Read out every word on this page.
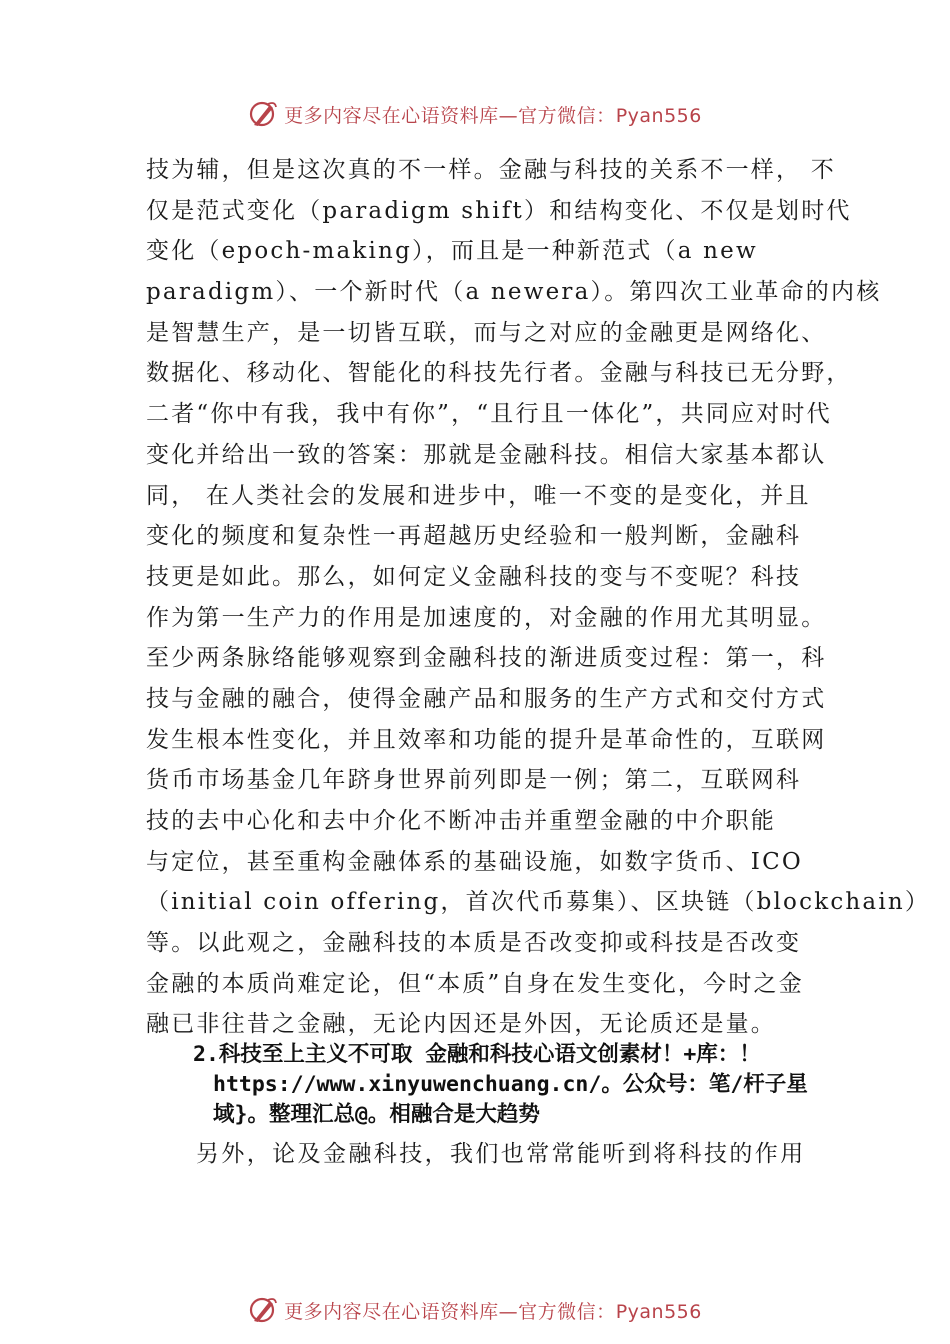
更多内容尽在心语资料库—官方微信：Pyan556
技为辅，但是这次真的不一样。金融与科技的关系不一样， 不
仅是范式变化（paradigm shift）和结构变化、不仅是划时代
变化（epoch-making），而且是一种新范式（a new
paradigm）、一个新时代（a newera）。第四次工业革命的内核
是智慧生产，是一切皆互联，而与之对应的金融更是网络化、
数据化、移动化、智能化的科技先行者。金融与科技已无分野，
二者“你中有我，我中有你”，“且行且一体化”，共同应对时代
变化并给出一致的答案：那就是金融科技。相信大家基本都认
同， 在人类社会的发展和进步中，唯一不变的是变化，并且
变化的频度和复杂性一再超越历史经验和一般判断，金融科
技更是如此。那么，如何定义金融科技的变与不变呢？科技
作为第一生产力的作用是加速度的，对金融的作用尤其明显。
至少两条脉络能够观察到金融科技的渐进质变过程：第一，科
技与金融的融合，使得金融产品和服务的生产方式和交付方式
发生根本性变化，并且效率和功能的提升是革命性的，互联网
货币市场基金几年跻身世界前列即是一例；第二，互联网科
技的去中心化和去中介化不断冲击并重塑金融的中介职能
与定位，甚至重构金融体系的基础设施，如数字货币、ICO
（initial coin offering，首次代币募集）、区块链（blockchain）
等。以此观之，金融科技的本质是否改变抑或科技是否改变
金融的本质尚难定论，但“本质”自身在发生变化，今时之金
融已非往昔之金融，无论内因还是外因，无论质还是量。
2.科技至上主义不可取 金融和科技心语文创素材！+库：！
https://www.xinyuwenchuang.cn/。公众号：笔/杆子星
域}。整理汇总@。相融合是大趋势
另外，论及金融科技，我们也常常能听到将科技的作用
更多内容尽在心语资料库—官方微信：Pyan556
